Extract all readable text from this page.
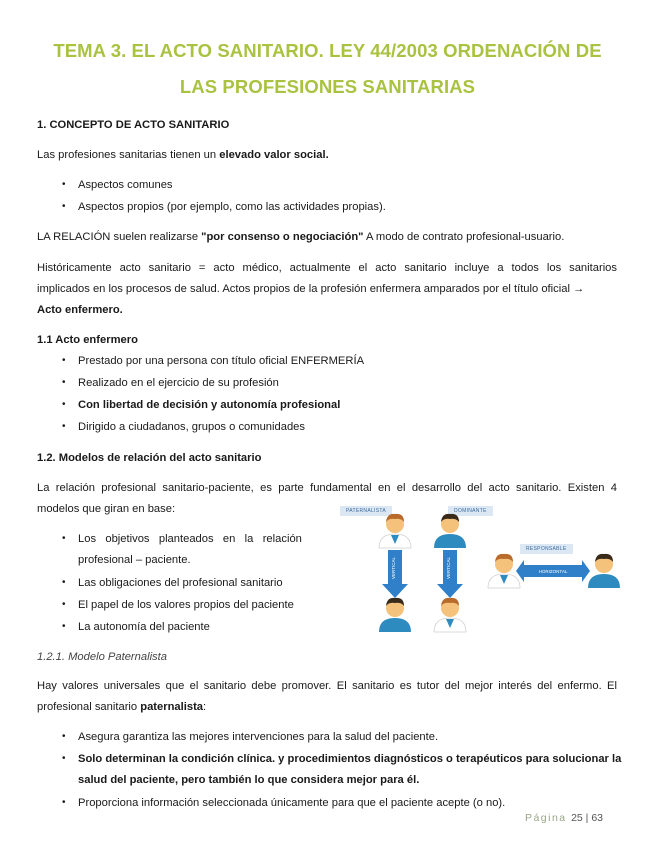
TEMA 3. EL ACTO SANITARIO. LEY 44/2003 ORDENACIÓN DE
LAS PROFESIONES SANITARIAS
1. CONCEPTO DE ACTO SANITARIO
Las profesiones sanitarias tienen un elevado valor social.
•	Aspectos comunes
•	Aspectos propios (por ejemplo, como las actividades propias).
LA RELACIÓN suelen realizarse "por consenso o negociación" A modo de contrato profesional-usuario.
Históricamente acto sanitario = acto médico, actualmente el acto sanitario incluye a todos los sanitarios
implicados en los procesos de salud. Actos propios de la profesión enfermera amparados por el título oficial →
Acto enfermero.
1.1 Acto enfermero
•	Prestado por una persona con título oficial ENFERMERÍA
•	Realizado en el ejercicio de su profesión
•	Con libertad de decisión y autonomía profesional
•	Dirigido a ciudadanos, grupos o comunidades
1.2. Modelos de relación del acto sanitario
La relación profesional sanitario-paciente, es parte fundamental en el desarrollo del acto sanitario. Existen 4
modelos que giran en base:
•	Los   objetivos   planteados   en   la   relación
profesional – paciente.
•	Las obligaciones del profesional sanitario
•	El papel de los valores propios del paciente
•	La autonomía del paciente
PATERNALISTA	DOMINANTE
RESPONSABLE
VERTICAL	VERTICAL	HORIZONTAL
1.2.1. Modelo Paternalista
Hay valores universales que el sanitario debe promover. El sanitario es tutor del mejor interés del enfermo. El
profesional sanitario paternalista:
•	Asegura garantiza las mejores intervenciones para la salud del paciente.
•	Solo determinan la condición clínica. y procedimientos diagnósticos o terapéuticos para solucionar la
salud del paciente, pero también lo que considera mejor para él.
•	Proporciona información seleccionada únicamente para que el paciente acepte (o no).
Página 25 | 63
